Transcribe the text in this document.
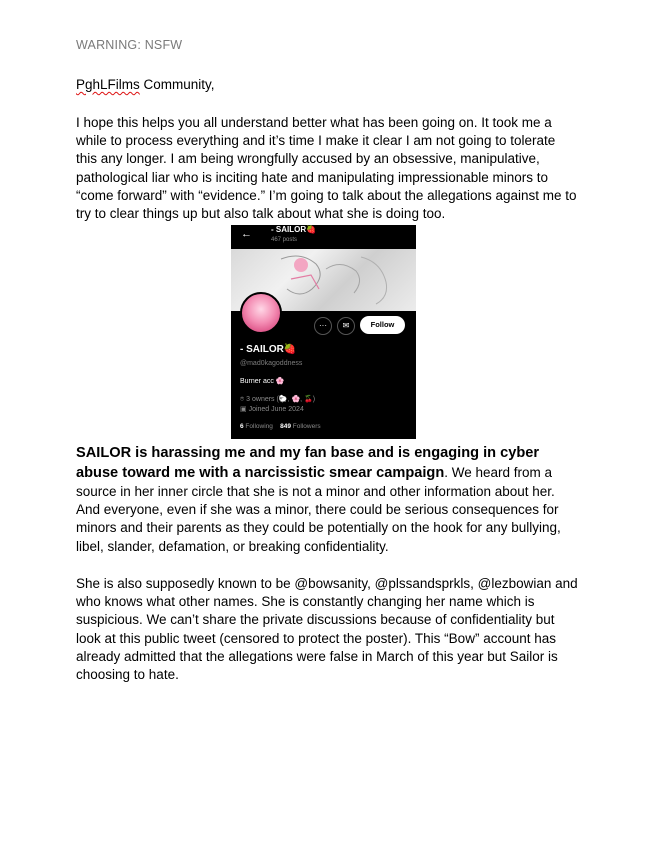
WARNING: NSFW
PghLFilms Community,

I hope this helps you all understand better what has been going on. It took me a while to process everything and it’s time I make it clear I am not going to tolerate this any longer. I am being wrongfully accused by an obsessive, manipulative, pathological liar who is inciting hate and manipulating impressionable minors to “come forward” with “evidence.” I’m going to talk about the allegations against me to try to clear things up but also talk about what she is doing too.

← - SAILOR🍓
467 posts
···	✉	Follow
- SAILOR🍓
@mad0kagoddness
Burner acc 🌸
⌾ 3 owners (🐑, 🌸, 🍒)
▣ Joined June 2024
6 Following 849 Followers

SAILOR is harassing me and my fan base and is engaging in cyber abuse toward me with a narcissistic smear campaign. We heard from a source in her inner circle that she is not a minor and other information about her. And everyone, even if she was a minor, there could be serious consequences for minors and their parents as they could be potentially on the hook for any bullying, libel, slander, defamation, or breaking confidentiality.

She is also supposedly known to be @bowsanity, @plssandsprkls, @lezbowian and who knows what other names. She is constantly changing her name which is suspicious. We can’t share the private discussions because of confidentiality but look at this public tweet (censored to protect the poster). This “Bow” account has already admitted that the allegations were false in March of this year but Sailor is choosing to hate.
